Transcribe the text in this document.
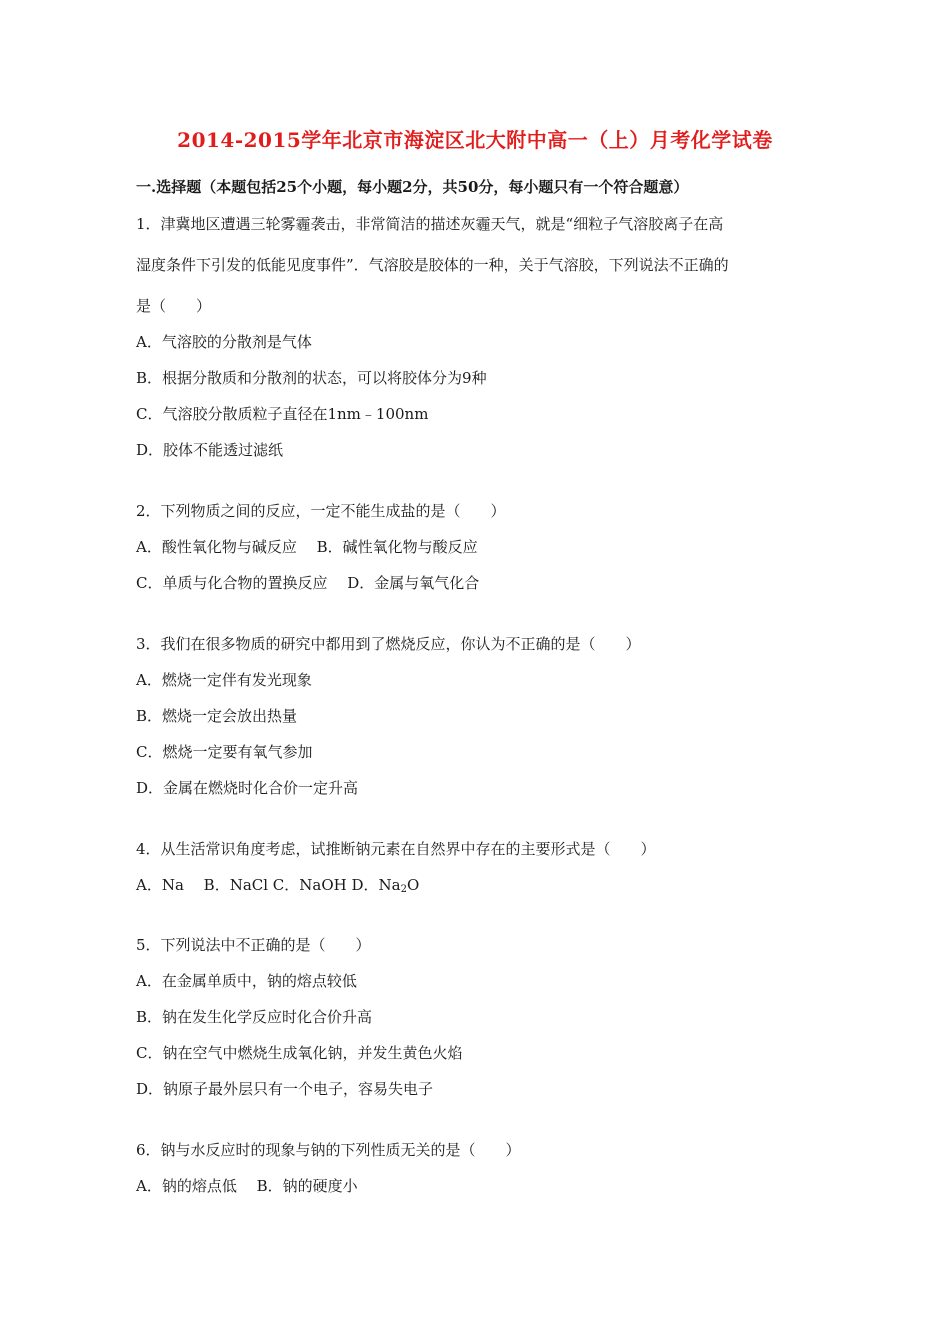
2014-2015学年北京市海淀区北大附中高一（上）月考化学试卷
一.选择题（本题包括25个小题，每小题2分，共50分，每小题只有一个符合题意）
1．津冀地区遭遇三轮雾霾袭击，非常简洁的描述灰霾天气，就是“细粒子气溶胶离子在高
湿度条件下引发的低能见度事件”．气溶胶是胶体的一种，关于气溶胶，下列说法不正确的
是（　　）
A．气溶胶的分散剂是气体
B．根据分散质和分散剂的状态，可以将胶体分为9种
C．气溶胶分散质粒子直径在1nm﹣100nm
D．胶体不能透过滤纸
2．下列物质之间的反应，一定不能生成盐的是（　　）
A．酸性氧化物与碱反应　 B．碱性氧化物与酸反应
C．单质与化合物的置换反应　 D．金属与氧气化合
3．我们在很多物质的研究中都用到了燃烧反应，你认为不正确的是（　　）
A．燃烧一定伴有发光现象
B．燃烧一定会放出热量
C．燃烧一定要有氧气参加
D．金属在燃烧时化合价一定升高
4．从生活常识角度考虑，试推断钠元素在自然界中存在的主要形式是（　　）
A．Na　 B．NaCl C．NaOH D．$Na_2O$
5．下列说法中不正确的是（　　）
A．在金属单质中，钠的熔点较低
B．钠在发生化学反应时化合价升高
C．钠在空气中燃烧生成氧化钠，并发生黄色火焰
D．钠原子最外层只有一个电子，容易失电子
6．钠与水反应时的现象与钠的下列性质无关的是（　　）
A．钠的熔点低　 B．钠的硬度小
